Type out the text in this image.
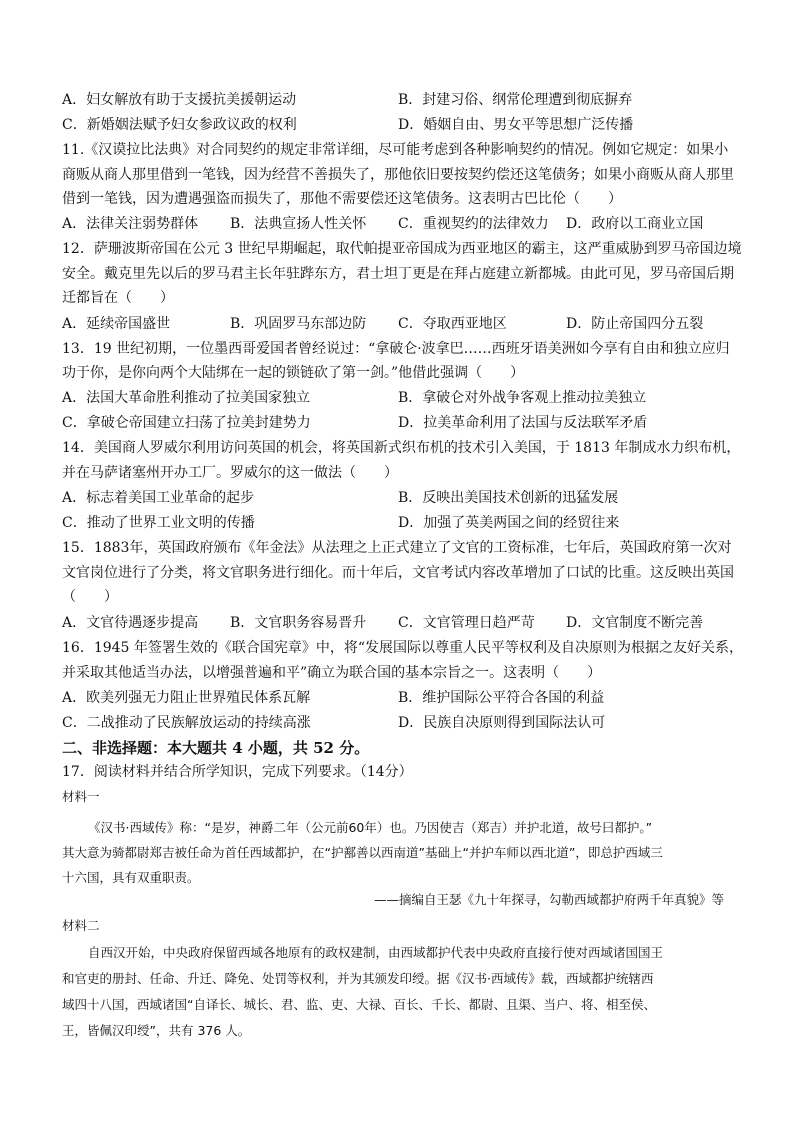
A．妇女解放有助于支援抗美援朝运动	B．封建习俗、纲常伦理遭到彻底摒弃
C．新婚姻法赋予妇女参政议政的权利	D．婚姻自由、男女平等思想广泛传播
11.《汉谟拉比法典》对合同契约的规定非常详细，尽可能考虑到各种影响契约的情况。例如它规定：如果小
商贩从商人那里借到一笔钱，因为经营不善损失了，那他依旧要按契约偿还这笔债务；如果小商贩从商人那里
借到一笔钱，因为遭遇强盗而损失了，那他不需要偿还这笔债务。这表明古巴比伦（　　）
A．法律关注弱势群体 B．法典宣扬人性关怀 C．重视契约的法律效力 D．政府以工商业立国
12．萨珊波斯帝国在公元 3 世纪早期崛起，取代帕提亚帝国成为西亚地区的霸主，这严重威胁到罗马帝国边境
安全。戴克里先以后的罗马君主长年驻跸东方，君士坦丁更是在拜占庭建立新都城。由此可见，罗马帝国后期
迁都旨在（　　）
A．延续帝国盛世	B．巩固罗马东部边防 C．夺取西亚地区	D．防止帝国四分五裂
13．19 世纪初期，一位墨西哥爱国者曾经说过：“拿破仑·波拿巴……西班牙语美洲如今享有自由和独立应归
功于你，是你向两个大陆绑在一起的锁链砍了第一剑。”他借此强调（　　）
A．法国大革命胜利推动了拉美国家独立	B．拿破仑对外战争客观上推动拉美独立
C．拿破仑帝国建立扫荡了拉美封建势力	D．拉美革命利用了法国与反法联军矛盾
14．美国商人罗威尔利用访问英国的机会，将英国新式织布机的技术引入美国，于 1813 年制成水力织布机，
并在马萨诸塞州开办工厂。罗威尔的这一做法（　　）
A．标志着美国工业革命的起步	B．反映出美国技术创新的迅猛发展
C．推动了世界工业文明的传播	D．加强了英美两国之间的经贸往来
15．1883年，英国政府颁布《年金法》从法理之上正式建立了文官的工资标准，七年后，英国政府第一次对
文官岗位进行了分类，将文官职务进行细化。而十年后，文官考试内容改革增加了口试的比重。这反映出英国
（　　）
A．文官待遇逐步提高 B．文官职务容易晋升 C．文官管理日趋严苛 D．文官制度不断完善
16．1945 年签署生效的《联合国宪章》中，将“发展国际以尊重人民平等权利及自决原则为根据之友好关系，
并采取其他适当办法，以增强普遍和平”确立为联合国的基本宗旨之一。这表明（　　）
A．欧美列强无力阻止世界殖民体系瓦解	B．维护国际公平符合各国的利益
C．二战推动了民族解放运动的持续高涨	D．民族自决原则得到国际法认可
二、非选择题：本大题共 4 小题，共 52 分。
17．阅读材料并结合所学知识，完成下列要求。（14分）
材料一
《汉书·西域传》称：“是岁，神爵二年（公元前60年）也。乃因使吉（郑吉）并护北道，故号曰都护。”
其大意为骑都尉郑吉被任命为首任西域都护，在“护鄯善以西南道”基础上“并护车师以西北道”，即总护西域三
十六国，具有双重职责。
——摘编自王瑟《九十年探寻，勾勒西域都护府两千年真貌》等
材料二
自西汉开始，中央政府保留西域各地原有的政权建制，由西域都护代表中央政府直接行使对西域诸国国王
和官吏的册封、任命、升迁、降免、处罚等权利，并为其颁发印绶。据《汉书·西域传》载，西域都护统辖西
域四十八国，西域诸国“自译长、城长、君、监、吏、大禄、百长、千长、都尉、且渠、当户、将、相至侯、
王，皆佩汉印绶”，共有 376 人。
